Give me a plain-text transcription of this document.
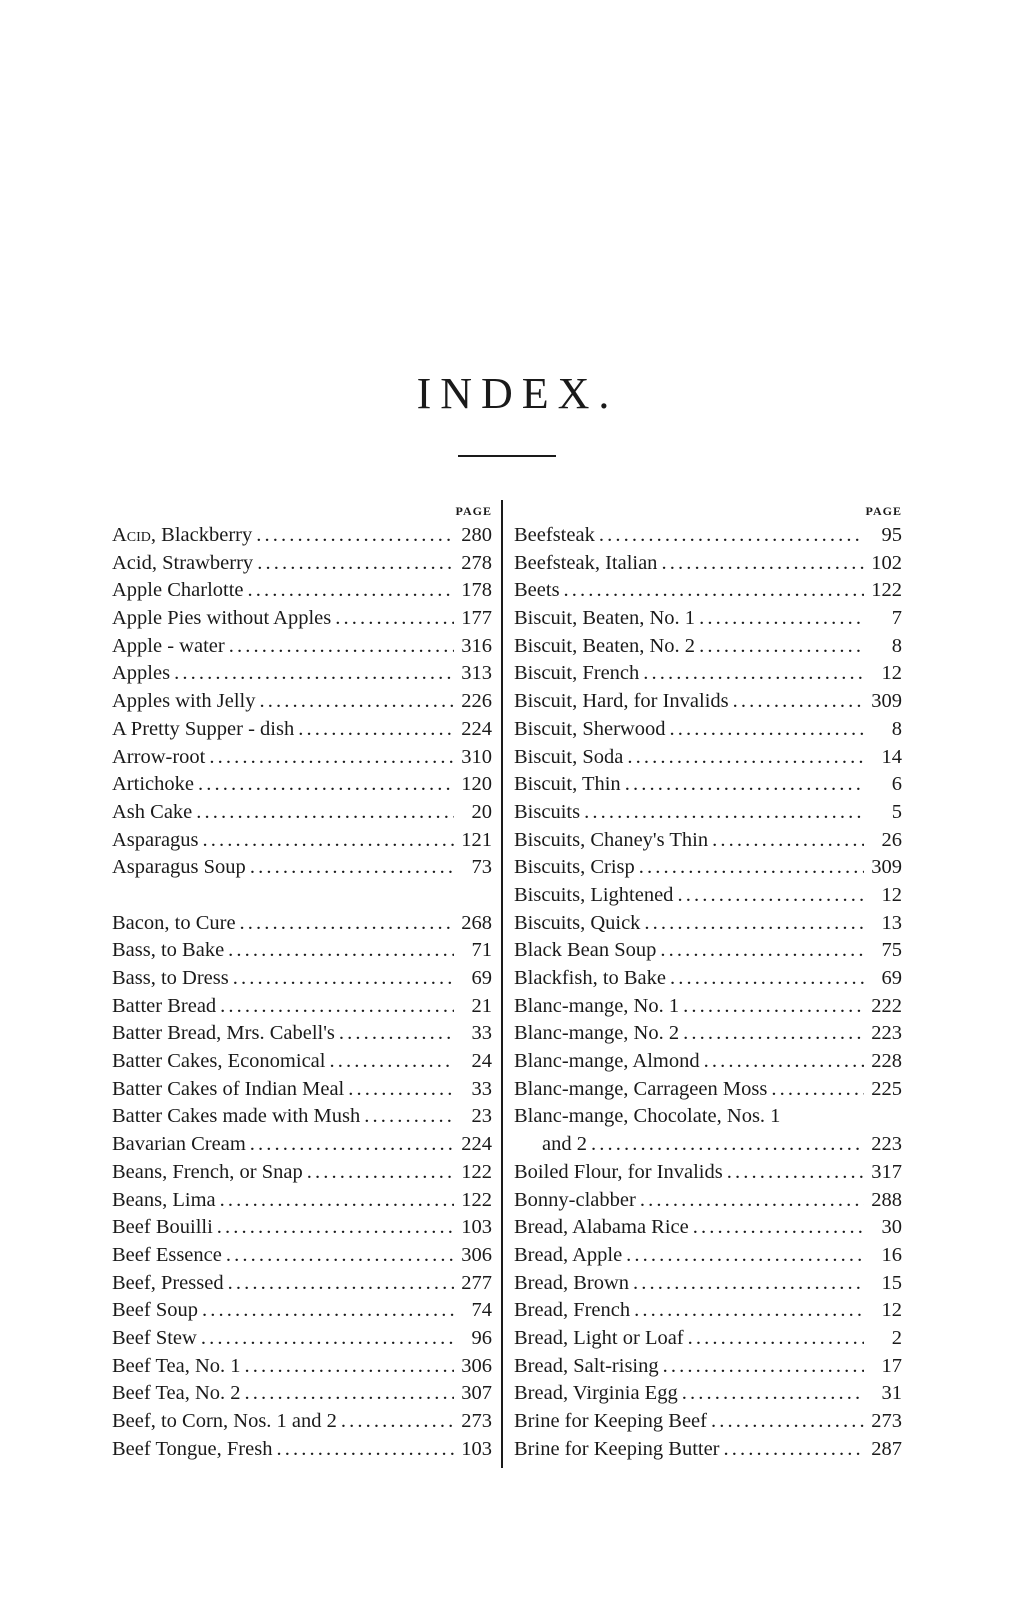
INDEX.
PAGE
Acid, Blackberry . . .	280
Acid, Strawberry . . .	278
Apple Charlotte . . .	178
Apple Pies without Apples . . .	177
Apple - water . . .	316
Apples . . .	313
Apples with Jelly . . .	226
A Pretty Supper - dish . . .	224
Arrow-root . . .	310
Artichoke . . .	120
Ash Cake . . .	20
Asparagus . . .	121
Asparagus Soup . . .	73
Bacon, to Cure . . .	268
Bass, to Bake . . .	71
Bass, to Dress . . .	69
Batter Bread . . .	21
Batter Bread, Mrs. Cabell's . . .	33
Batter Cakes, Economical . . .	24
Batter Cakes of Indian Meal . . .	33
Batter Cakes made with Mush . . .	23
Bavarian Cream . . .	224
Beans, French, or Snap . . .	122
Beans, Lima . . .	122
Beef Bouilli . . .	103
Beef Essence . . .	306
Beef, Pressed . . .	277
Beef Soup . . .	74
Beef Stew . . .	96
Beef Tea, No. 1 . . .	306
Beef Tea, No. 2 . . .	307
Beef, to Corn, Nos. 1 and 2 . . .	273
Beef Tongue, Fresh . . .	103
PAGE
Beefsteak . . .	95
Beefsteak, Italian . . .	102
Beets . . .	122
Biscuit, Beaten, No. 1 . . .	7
Biscuit, Beaten, No. 2 . . .	8
Biscuit, French . . .	12
Biscuit, Hard, for Invalids . . .	309
Biscuit, Sherwood . . .	8
Biscuit, Soda . . .	14
Biscuit, Thin . . .	6
Biscuits . . .	5
Biscuits, Chaney's Thin . . .	26
Biscuits, Crisp . . .	309
Biscuits, Lightened . . .	12
Biscuits, Quick . . .	13
Black Bean Soup . . .	75
Blackfish, to Bake . . .	69
Blanc-mange, No. 1 . . .	222
Blanc-mange, No. 2 . . .	223
Blanc-mange, Almond . . .	228
Blanc-mange, Carrageen Moss . . .	225
Blanc-mange, Chocolate, Nos. 1
and 2 . . .	223
Boiled Flour, for Invalids . . .	317
Bonny-clabber . . .	288
Bread, Alabama Rice . . .	30
Bread, Apple . . .	16
Bread, Brown . . .	15
Bread, French . . .	12
Bread, Light or Loaf . . .	2
Bread, Salt-rising . . .	17
Bread, Virginia Egg . . .	31
Brine for Keeping Beef . . .	273
Brine for Keeping Butter . . .	287
